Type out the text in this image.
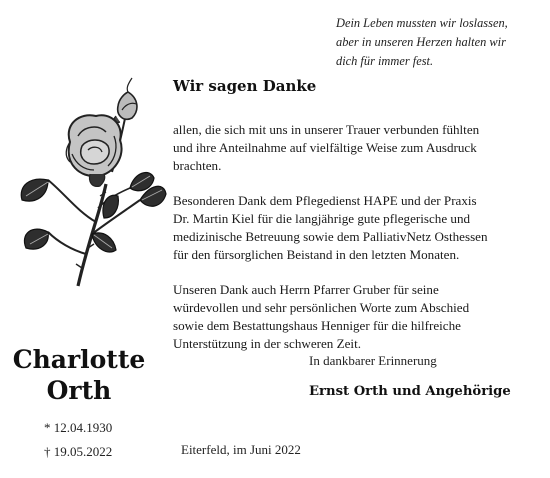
Dein Leben mussten wir loslassen,
aber in unseren Herzen halten wir
dich für immer fest.
Wir sagen Danke
allen, die sich mit uns in unserer Trauer verbunden fühlten
und ihre Anteilnahme auf vielfältige Weise zum Ausdruck
brachten.
Besonderen Dank dem Pflegedienst HAPE und der Praxis
Dr. Martin Kiel für die langjährige gute pflegerische und
medizinische Betreuung sowie dem PalliativNetz Osthessen
für den fürsorglichen Beistand in den letzten Monaten.
Unseren Dank auch Herrn Pfarrer Gruber für seine
würdevollen und sehr persönlichen Worte zum Abschied
sowie dem Bestattungshaus Henniger für die hilfreiche
Unterstützung in der schweren Zeit.
Charlotte
Orth
* 12.04.1930
† 19.05.2022
In dankbarer Erinnerung
Ernst Orth und Angehörige
Eiterfeld, im Juni 2022
